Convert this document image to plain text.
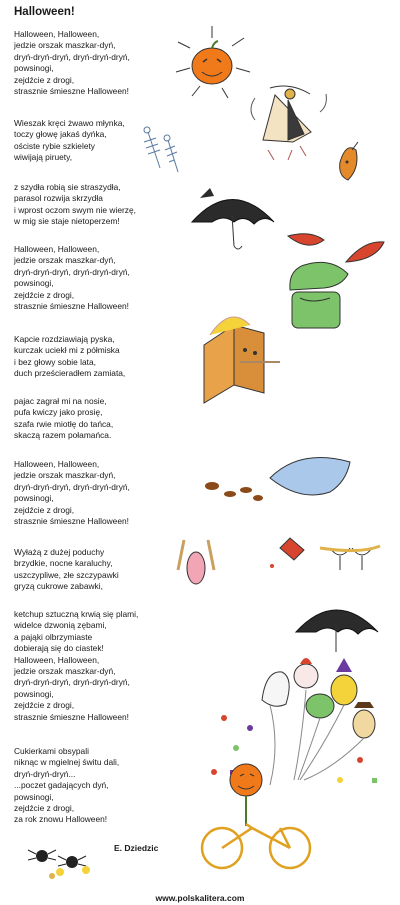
Halloween!
Halloween, Halloween,
jedzie orszak maszkar-dyń,
dryń-dryń-dryń, dryń-dryń-dryń,
powsinogi,
zejdźcie z drogi,
strasznie śmieszne Halloween!
Wieszak kręci żwawo młynka,
toczy głowę jakaś dyńka,
ościste rybie szkielety
wiwijają piruety,
z szydła robią sie straszydła,
parasol rozwija skrzydła
i wprost oczom swym nie wierzę,
w mig sie staje nietoperzem!
Halloween, Halloween,
jedzie orszak maszkar-dyń,
dryń-dryń-dryń, dryń-dryń-dryń,
powsinogi,
zejdźcie z drogi,
strasznie śmieszne Halloween!
Kapcie rozdziawiają pyska,
kurczak uciekł mi z półmiska
i bez głowy sobie lata,
duch prześcieradłem zamiata,
pajac zagrał mi na nosie,
pufa kwiczy jako prosię,
szafa rwie miotłę do tańca,
skaczą razem połamańca.
Halloween, Halloween,
jedzie orszak maszkar-dyń,
dryń-dryń-dryń, dryń-dryń-dryń,
powsinogi,
zejdźcie z drogi,
strasznie śmieszne Halloween!
Wyłażą z dużej poduchy
brzydkie, nocne karaluchy,
uszczypliwe, złe szczypawki
gryzą cukrowe zabawki,
ketchup sztuczną krwią się plami,
widelce dzwonią zębami,
a pająki olbrzymiaste
dobierają się do ciastek!
Halloween, Halloween,
jedzie orszak maszkar-dyń,
dryń-dryń-dryń, dryń-dryń-dryń,
powsinogi,
zejdźcie z drogi,
strasznie śmieszne Halloween!
Cukierkami obsypali
niknąc w mgielnej świtu dali,
dryń-dryń-dryń...
...poczet gadających dyń,
powsinogi,
zejdźcie z drogi,
za rok znowu Halloween!
E. Dziedzic
www.polskalitera.com
